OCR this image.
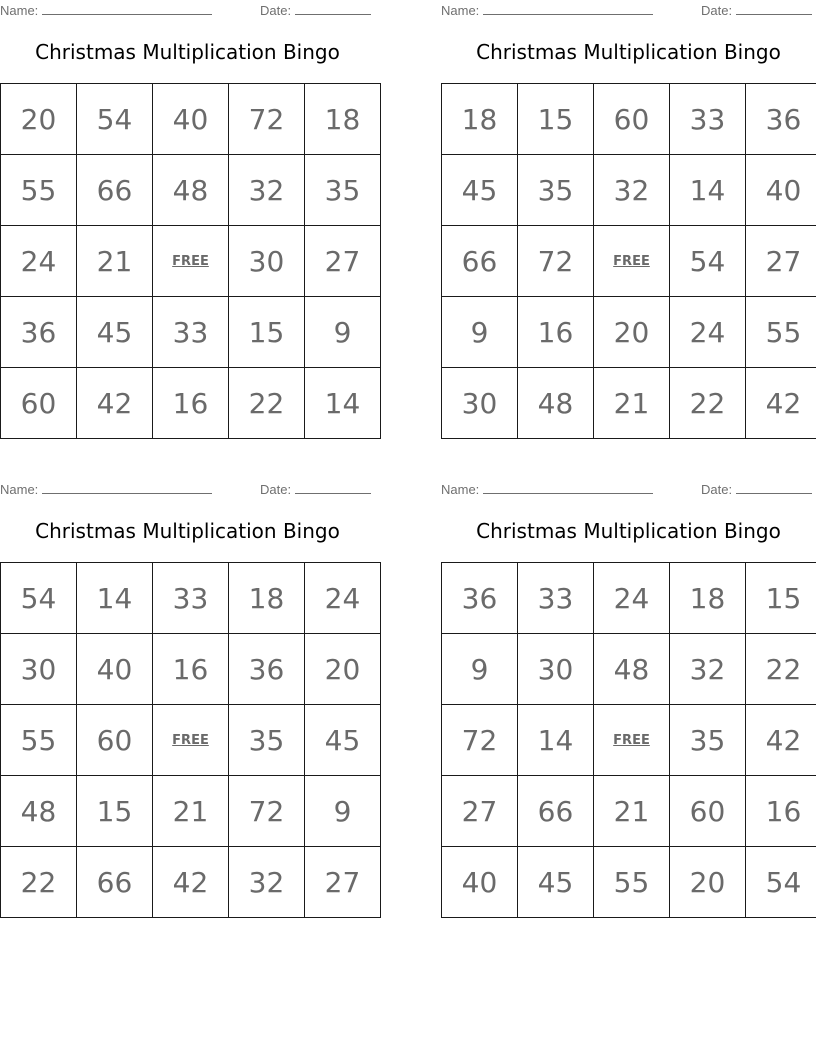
Name:	Date:
Christmas Multiplication Bingo
20	54	40	72	18
55	66	48	32	35
24	21	FREE	30	27
36	45	33	15	9
60	42	16	22	14
Name:	Date:
Christmas Multiplication Bingo
18	15	60	33	36
45	35	32	14	40
66	72	FREE	54	27
9	16	20	24	55
30	48	21	22	42
Name:	Date:
Christmas Multiplication Bingo
54	14	33	18	24
30	40	16	36	20
55	60	FREE	35	45
48	15	21	72	9
22	66	42	32	27
Name:	Date:
Christmas Multiplication Bingo
36	33	24	18	15
9	30	48	32	22
72	14	FREE	35	42
27	66	21	60	16
40	45	55	20	54
